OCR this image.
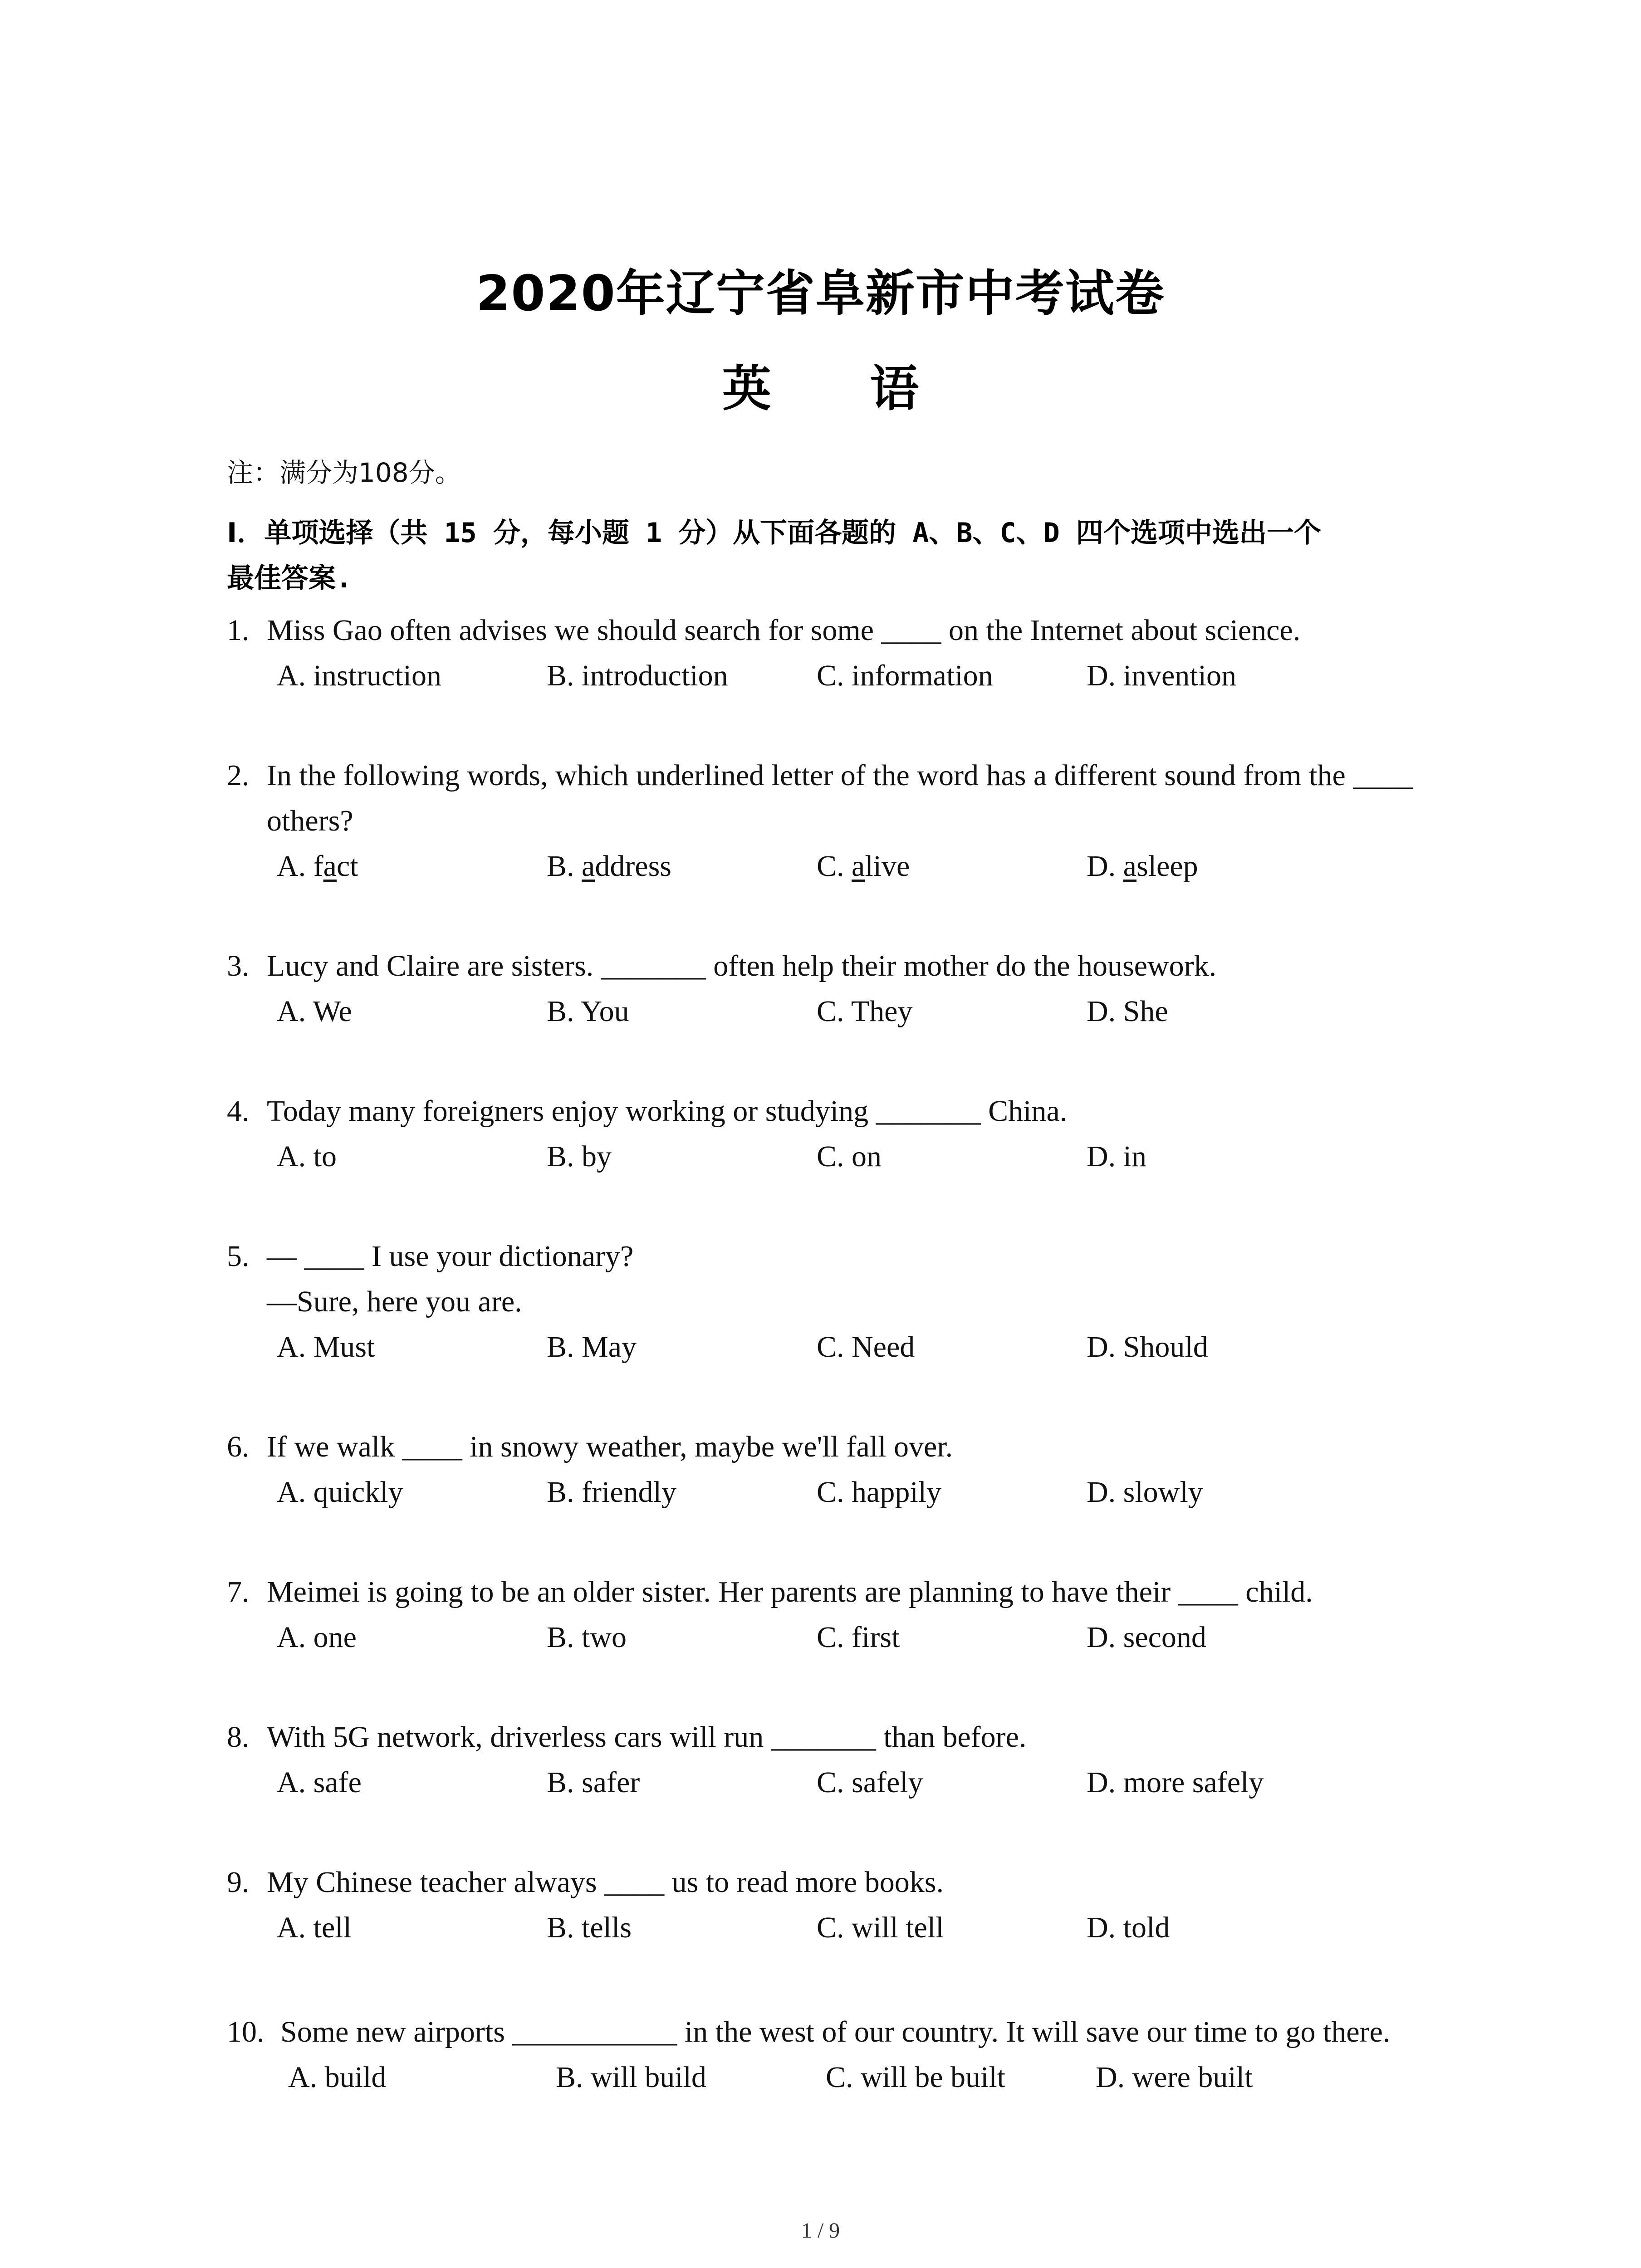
2020年辽宁省阜新市中考试卷
英 语
注：满分为108分。
Ⅰ．单项选择（共 15 分，每小题 1 分）从下面各题的 A、B、C、D 四个选项中选出一个
最佳答案.
1. Miss Gao often advises we should search for some ____ on the Internet about science.
A. instruction	B. introduction	C. information	D. invention
2. In the following words, which underlined letter of the word has a different sound from the ____
others?
A. fact	B. address	C. alive	D. asleep
3. Lucy and Claire are sisters. _______ often help their mother do the housework.
A. We	B. You	C. They	D. She
4. Today many foreigners enjoy working or studying _______ China.
A. to	B. by	C. on	D. in
5. — ____ I use your dictionary?
—Sure, here you are.
A. Must	B. May	C. Need	D. Should
6. If we walk ____ in snowy weather, maybe we'll fall over.
A. quickly	B. friendly	C. happily	D. slowly
7. Meimei is going to be an older sister. Her parents are planning to have their ____ child.
A. one	B. two	C. first	D. second
8. With 5G network, driverless cars will run _______ than before.
A. safe	B. safer	C. safely	D. more safely
9. My Chinese teacher always ____ us to read more books.
A. tell	B. tells	C. will tell	D. told
10. Some new airports ___________ in the west of our country. It will save our time to go there.
A. build	B. will build	C. will be built	D. were built
1 / 9
